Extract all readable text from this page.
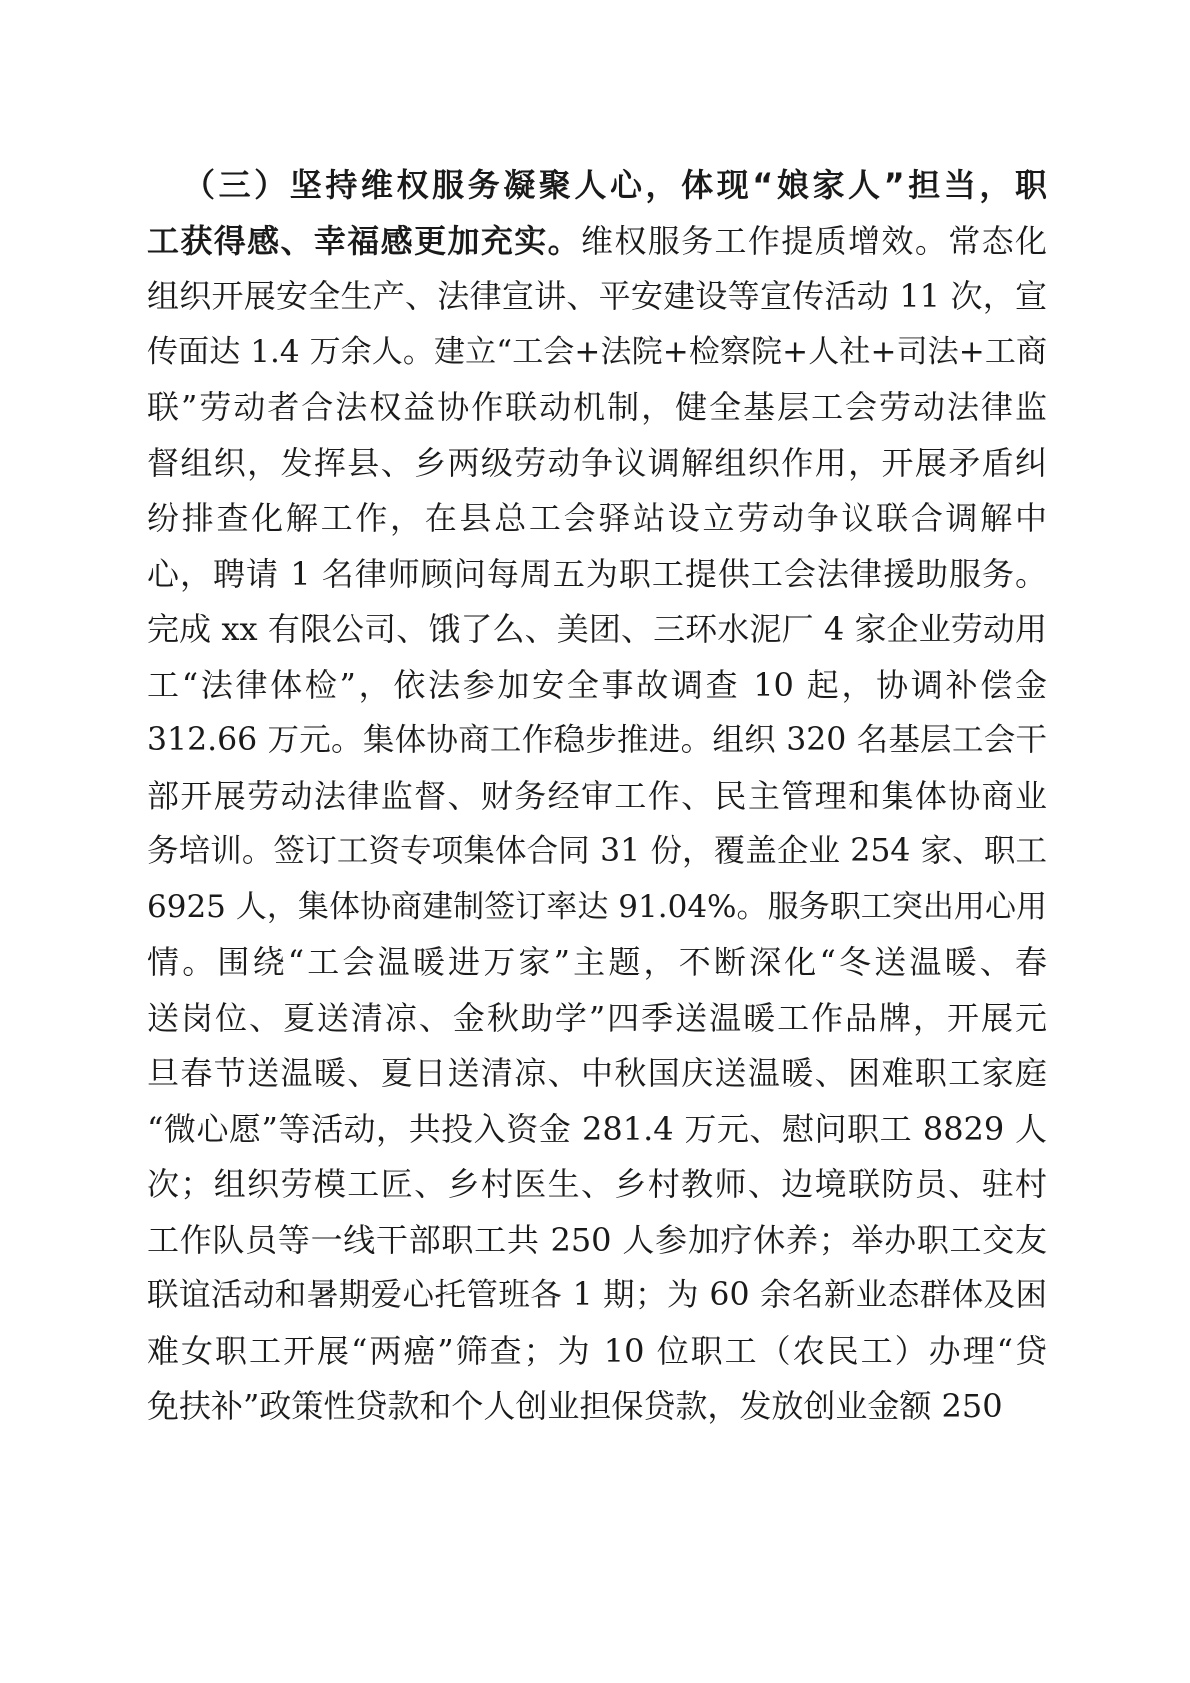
（三）坚持维权服务凝聚人心，体现“娘家人”担当，职
工获得感、幸福感更加充实。维权服务工作提质增效。常态化
组织开展安全生产、法律宣讲、平安建设等宣传活动 11 次，宣
传面达 1.4 万余人。建立“工会+法院+检察院+人社+司法+工商
联”劳动者合法权益协作联动机制，健全基层工会劳动法律监
督组织，发挥县、乡两级劳动争议调解组织作用，开展矛盾纠
纷排查化解工作，在县总工会驿站设立劳动争议联合调解中
心，聘请 1 名律师顾问每周五为职工提供工会法律援助服务。
完成 xx 有限公司、饿了么、美团、三环水泥厂 4 家企业劳动用
工“法律体检”，依法参加安全事故调查 10 起，协调补偿金
312.66 万元。集体协商工作稳步推进。组织 320 名基层工会干
部开展劳动法律监督、财务经审工作、民主管理和集体协商业
务培训。签订工资专项集体合同 31 份，覆盖企业 254 家、职工
6925 人，集体协商建制签订率达 91.04%。服务职工突出用心用
情。围绕“工会温暖进万家”主题，不断深化“冬送温暖、春
送岗位、夏送清凉、金秋助学”四季送温暖工作品牌，开展元
旦春节送温暖、夏日送清凉、中秋国庆送温暖、困难职工家庭
“微心愿”等活动，共投入资金 281.4 万元、慰问职工 8829 人
次；组织劳模工匠、乡村医生、乡村教师、边境联防员、驻村
工作队员等一线干部职工共 250 人参加疗休养；举办职工交友
联谊活动和暑期爱心托管班各 1 期；为 60 余名新业态群体及困
难女职工开展“两癌”筛查；为 10 位职工（农民工）办理“贷
免扶补”政策性贷款和个人创业担保贷款，发放创业金额 250
